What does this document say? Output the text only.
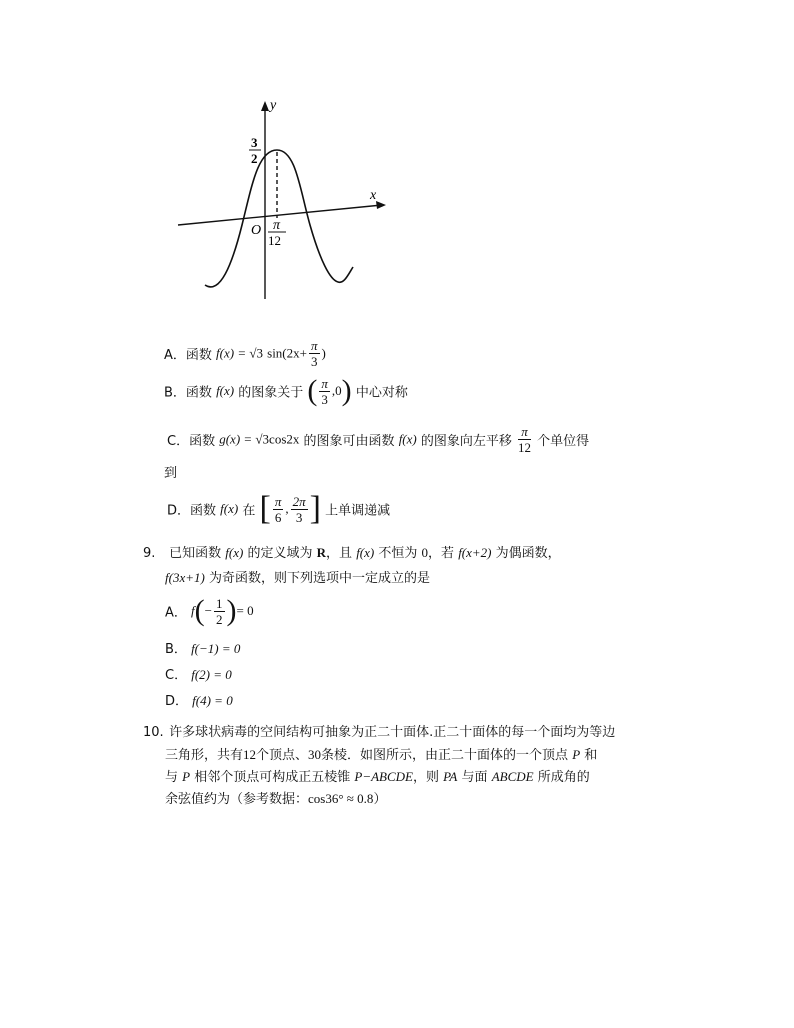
y
x
O
3
2
π
12
A．函数 f(x) = √3 $\sin(2x+ \frac{\pi}{3}$ )
B．函数 f(x) 的图象关于 ( $\frac{\pi}{3} ,0$) 中心对称
C．函数 g(x) = √3cos2x 的图象可由函数 f(x) 的图象向左平移 $\frac{\pi}{12}$ 个单位得
到
D．函数 f(x) 在 [ $\frac{\pi}{6}$ , $\frac{2\pi}{3}$ ] 上单调递减
9. 已知函数 f(x) 的定义域为 R，且 f(x) 不恒为 0，若 f(x+2) 为偶函数，
f(3x+1) 为奇函数，则下列选项中一定成立的是
A． $f(- \frac{1}{2}$ )= 0
B． f(−1) = 0
C． f(2) = 0
D． f(4) = 0
10. 许多球状病毒的空间结构可抽象为正二十面体.正二十面体的每一个面均为等边
三角形，共有12个顶点、30条棱．如图所示，由正二十面体的一个顶点 P 和
与 P 相邻个顶点可构成正五棱锥 P−ABCDE，则 PA 与面 ABCDE 所成角的
余弦值约为（参考数据：cos36° ≈ 0.8）
